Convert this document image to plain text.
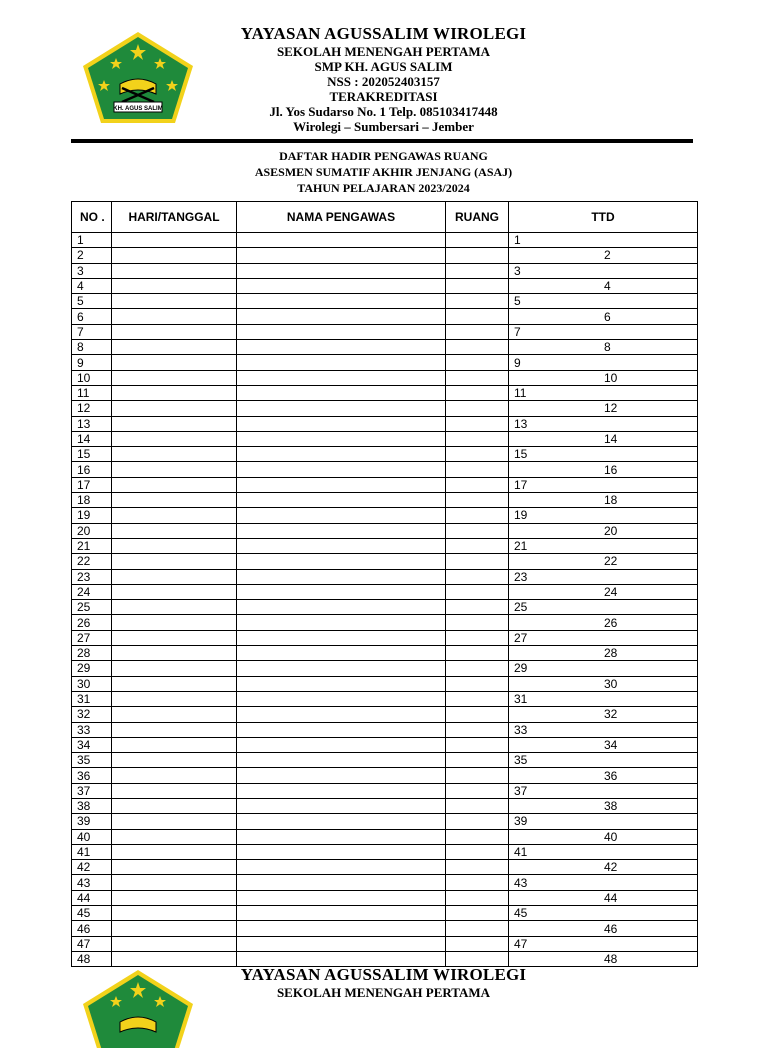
KH. AGUS SALIM
YAYASAN AGUSSALIM WIROLEGI
SEKOLAH MENENGAH PERTAMA
SMP KH. AGUS SALIM
NSS : 202052403157
TERAKREDITASI
Jl. Yos Sudarso No. 1 Telp. 085103417448
Wirolegi – Sumbersari – Jember
DAFTAR HADIR PENGAWAS RUANG
ASESMEN SUMATIF AKHIR JENJANG (ASAJ)
TAHUN PELAJARAN 2023/2024
NO .	HARI/TANGGAL	NAMA PENGAWAS	RUANG	TTD
1				1
2				2
3				3
4				4
5				5
6				6
7				7
8				8
9				9
10				10
11				11
12				12
13				13
14				14
15				15
16				16
17				17
18				18
19				19
20				20
21				21
22				22
23				23
24				24
25				25
26				26
27				27
28				28
29				29
30				30
31				31
32				32
33				33
34				34
35				35
36				36
37				37
38				38
39				39
40				40
41				41
42				42
43				43
44				44
45				45
46				46
47				47
48				48
YAYASAN AGUSSALIM WIROLEGI
SEKOLAH MENENGAH PERTAMA
